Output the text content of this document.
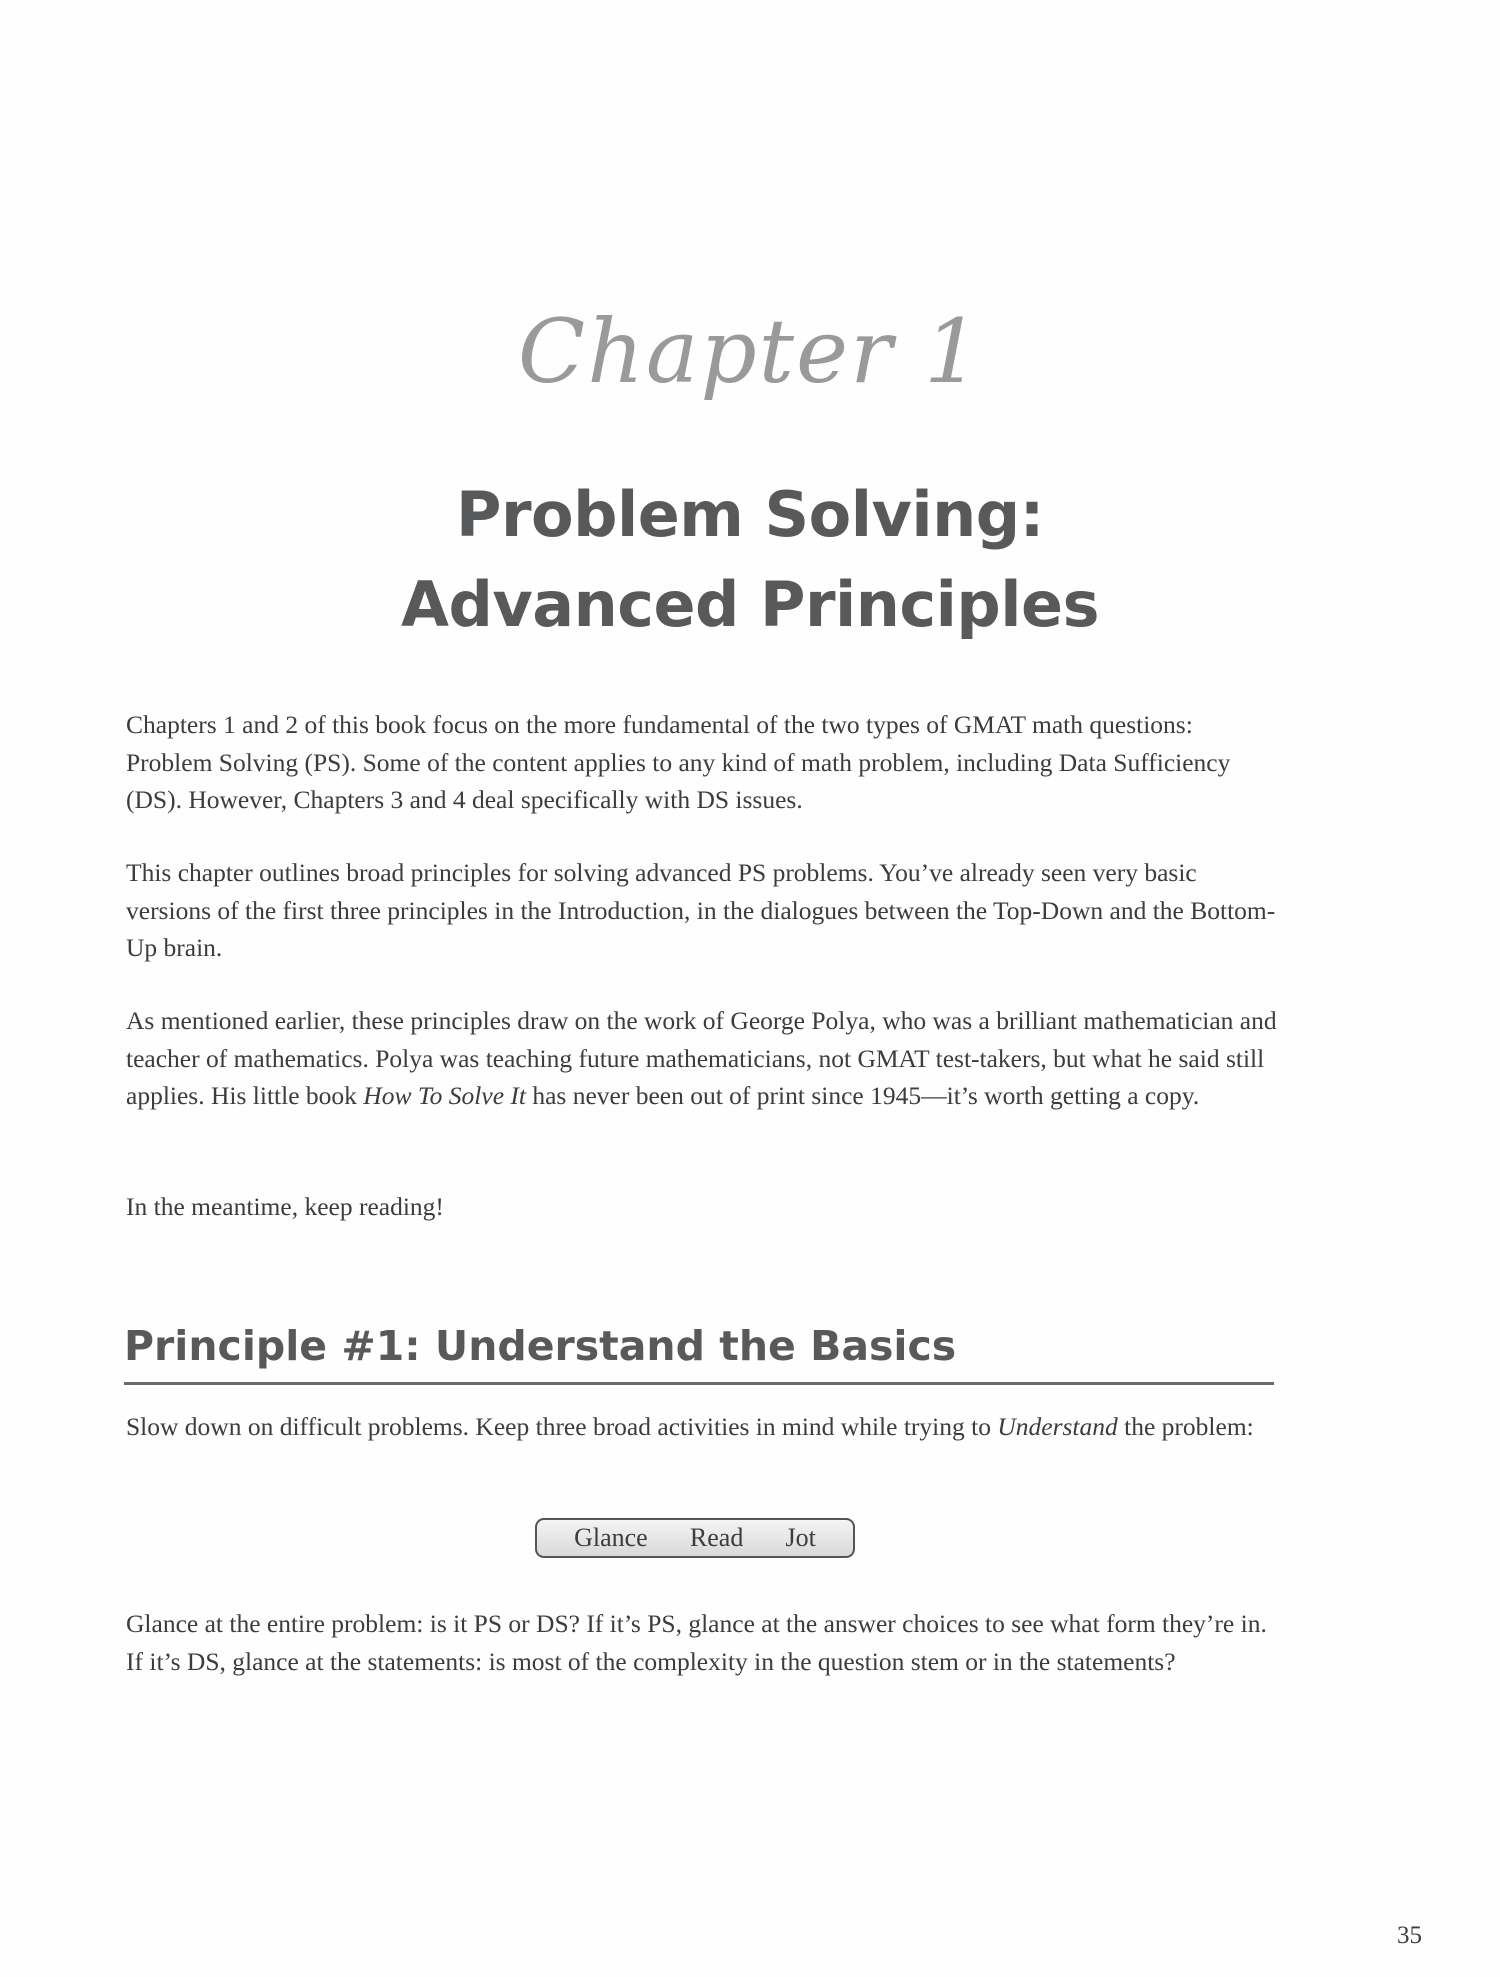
Chapter 1
Problem Solving:
Advanced Principles

Chapters 1 and 2 of this book focus on the more fundamental of the two types of GMAT math questions: Problem Solving (PS). Some of the content applies to any kind of math problem, including Data Sufficiency (DS). However, Chapters 3 and 4 deal specifically with DS issues.

This chapter outlines broad principles for solving advanced PS problems. You’ve already seen very basic versions of the first three principles in the Introduction, in the dialogues between the Top-Down and the Bottom-Up brain.

As mentioned earlier, these principles draw on the work of George Polya, who was a brilliant mathematician and teacher of mathematics. Polya was teaching future mathematicians, not GMAT test-takers, but what he said still applies. His little book How To Solve It has never been out of print since 1945—it’s worth getting a copy.

In the meantime, keep reading!

Principle #1: Understand the Basics

Slow down on difficult problems. Keep three broad activities in mind while trying to Understand the problem:

Glance Read Jot

Glance at the entire problem: is it PS or DS? If it’s PS, glance at the answer choices to see what form they’re in. If it’s DS, glance at the statements: is most of the complexity in the question stem or in the statements?

35
